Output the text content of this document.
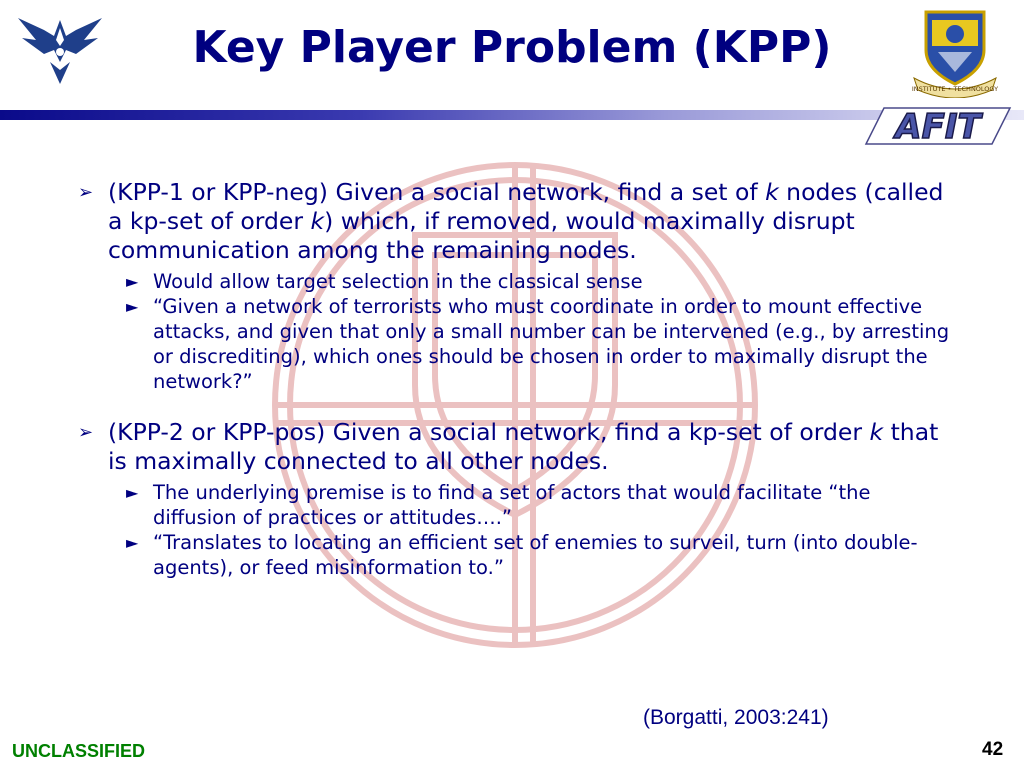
Key Player Problem (KPP)
INSTITUTE • TECHNOLOGY
AFIT
➢ (KPP-1 or KPP-neg) Given a social network, find a set of k nodes (called a kp-set of order k) which, if removed, would maximally disrupt communication among the remaining nodes.
► Would allow target selection in the classical sense
► “Given a network of terrorists who must coordinate in order to mount effective attacks, and given that only a small number can be intervened (e.g., by arresting or discrediting), which ones should be chosen in order to maximally disrupt the network?”
➢ (KPP-2 or KPP-pos) Given a social network, find a kp-set of order k that is maximally connected to all other nodes.
► The underlying premise is to find a set of actors that would facilitate “the diffusion of practices or attitudes….”
► “Translates to locating an efficient set of enemies to surveil, turn (into double-agents), or feed misinformation to.”
(Borgatti, 2003:241)
UNCLASSIFIED	42
